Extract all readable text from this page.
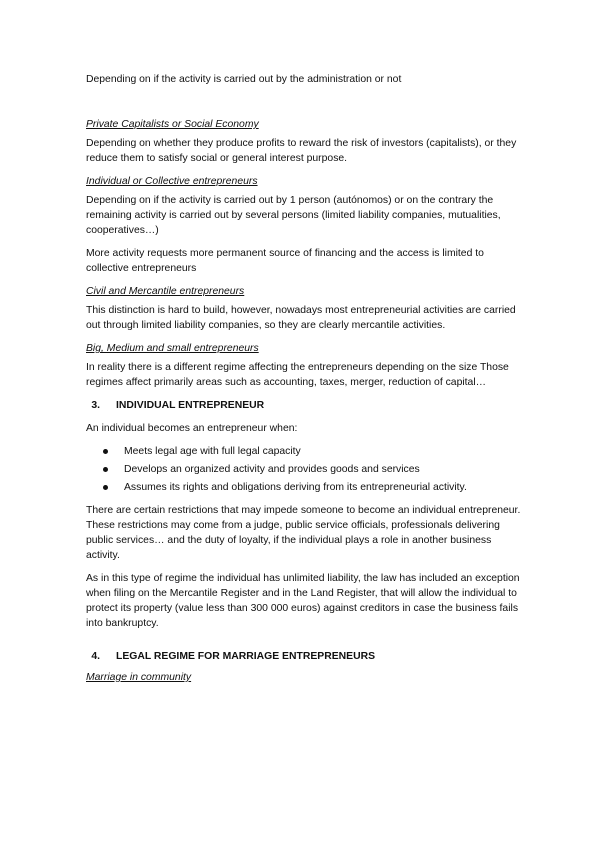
Depending on if the activity is carried out by the administration or not

Private Capitalists or Social Economy

Depending on whether they produce profits to reward the risk of investors (capitalists), or they reduce them to satisfy social or general interest purpose.

Individual or Collective entrepreneurs

Depending on if the activity is carried out by 1 person (autónomos) or on the contrary the remaining activity is carried out by several persons (limited liability companies, mutualities, cooperatives…)

More activity requests more permanent source of financing and the access is limited to collective entrepreneurs

Civil and Mercantile entrepreneurs

This distinction is hard to build, however, nowadays most entrepreneurial activities are carried out through limited liability companies, so they are clearly mercantile activities.

Big, Medium and small entrepreneurs

In reality there is a different regime affecting the entrepreneurs depending on the size Those regimes affect primarily areas such as accounting, taxes, merger, reduction of capital…

3.	INDIVIDUAL ENTREPRENEUR

An individual becomes an entrepreneur when:

Meets legal age with full legal capacity
Develops an organized activity and provides goods and services
Assumes its rights and obligations deriving from its entrepreneurial activity.

There are certain restrictions that may impede someone to become an individual entrepreneur. These restrictions may come from a judge, public service officials, professionals delivering public services… and the duty of loyalty, if the individual plays a role in another business activity.

As in this type of regime the individual has unlimited liability, the law has included an exception when filing on the Mercantile Register and in the Land Register, that will allow the individual to protect its property (value less than 300 000 euros) against creditors in case the business fails into bankruptcy.

4.	LEGAL REGIME FOR MARRIAGE ENTREPRENEURS

Marriage in community
